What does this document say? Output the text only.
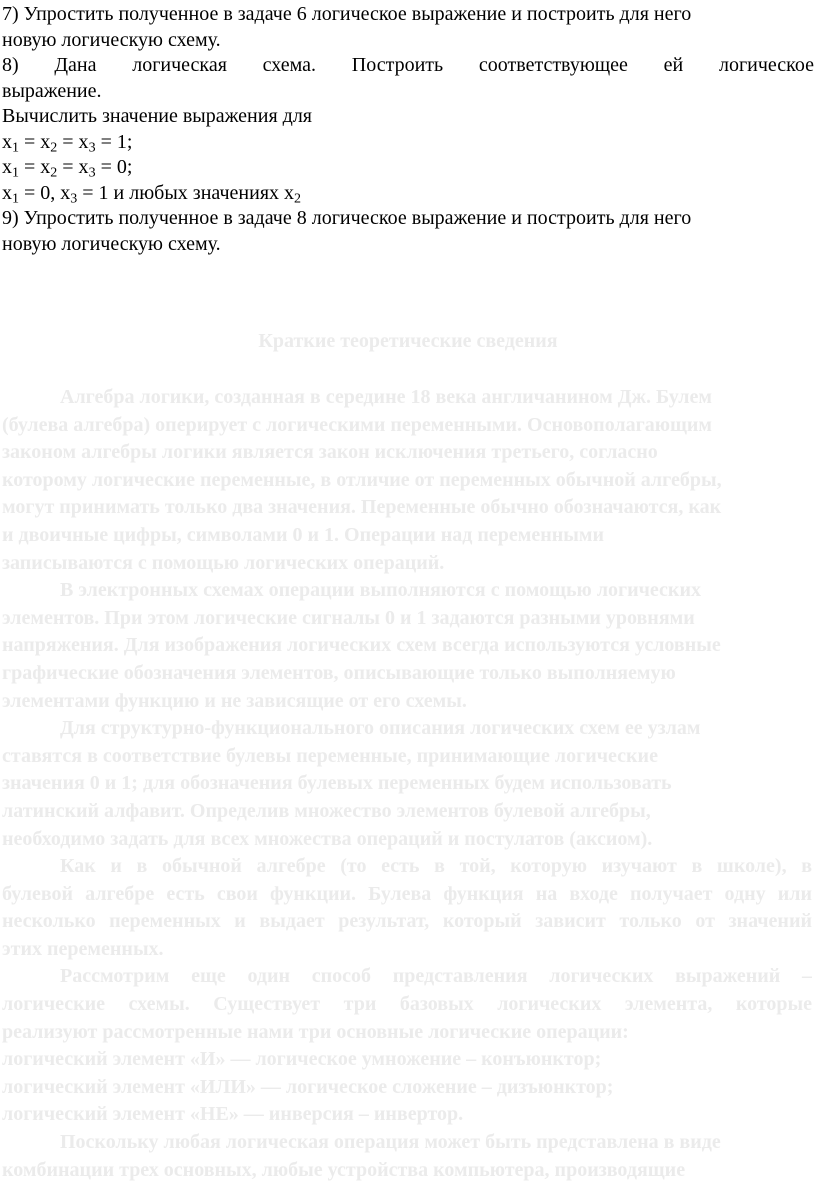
7) Упростить полученное в задаче 6 логическое выражение и построить для него
новую логическую схему.
8) Дана логическая схема. Построить соответствующее ей логическое
выражение.
Вычислить значение выражения для
$x_1 = x_2 = x_3 = 1$;
$x_1 = x_2 = x_3 = 0$;
$x_1 = 0$, $x_3 = 1$ и любых значениях $x_2$
9) Упростить полученное в задаче 8 логическое выражение и построить для него
новую логическую схему.
Краткие теоретические сведения
Алгебра логики, созданная в середине 18 века англичанином Дж. Булем
(булева алгебра) оперирует с логическими переменными. Основополагающим
законом алгебры логики является закон исключения третьего, согласно
которому логические переменные, в отличие от переменных обычной алгебры,
могут принимать только два значения. Переменные обычно обозначаются, как
и двоичные цифры, символами 0 и 1. Операции над переменными
записываются с помощью логических операций.
В электронных схемах операции выполняются с помощью логических
элементов. При этом логические сигналы 0 и 1 задаются разными уровнями
напряжения. Для изображения логических схем всегда используются условные
графические обозначения элементов, описывающие только выполняемую
элементами функцию и не зависящие от его схемы.
Для структурно-функционального описания логических схем ее узлам
ставятся в соответствие булевы переменные, принимающие логические
значения 0 и 1; для обозначения булевых переменных будем использовать
латинский алфавит. Определив множество элементов булевой алгебры,
необходимо задать для всех множества операций и постулатов (аксиом).
Как и в обычной алгебре (то есть в той, которую изучают в школе), в
булевой алгебре есть свои функции. Булева функция на входе получает одну или
несколько переменных и выдает результат, который зависит только от значений
этих переменных.
Рассмотрим еще один способ представления логических выражений –
логические схемы. Существует три базовых логических элемента, которые
реализуют рассмотренные нами три основные логические операции:
логический элемент «И» — логическое умножение – конъюнктор;
логический элемент «ИЛИ» — логическое сложение – дизъюнктор;
логический элемент «НЕ» — инверсия – инвертор.
Поскольку любая логическая операция может быть представлена в виде
комбинации трех основных, любые устройства компьютера, производящие
